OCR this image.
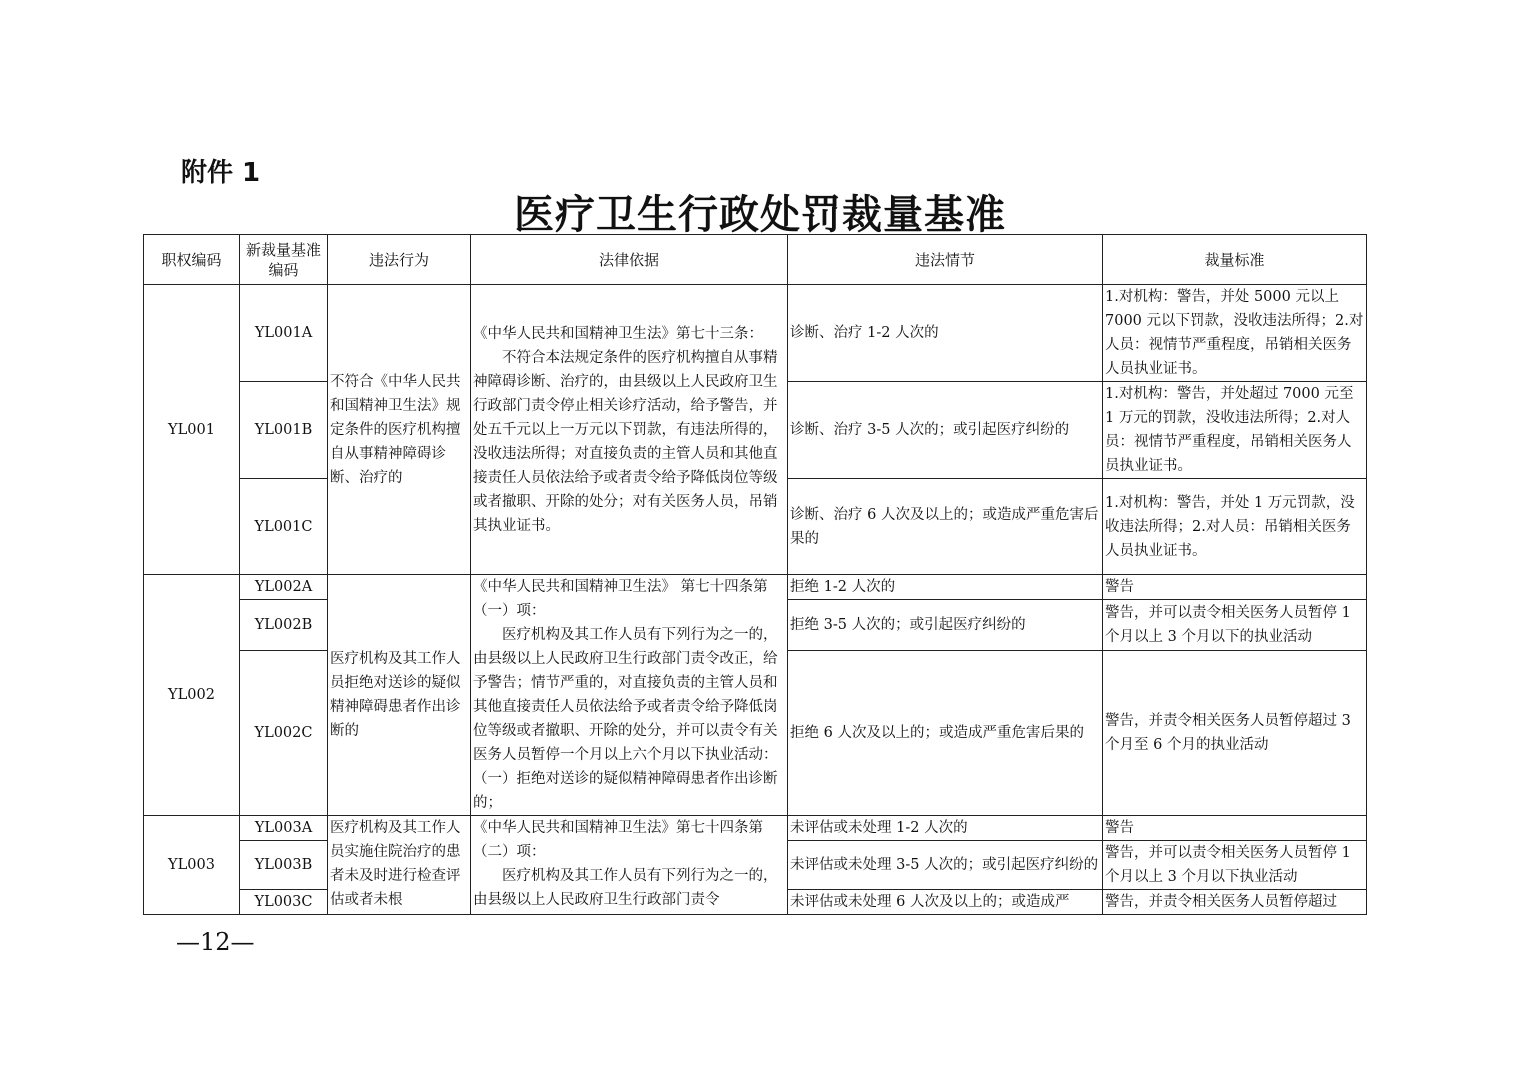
附件 1
医疗卫生行政处罚裁量基准
职权编码	新裁量基准编码	违法行为	法律依据	违法情节	裁量标准
YL001	YL001A	不符合《中华人民共和国精神卫生法》规定条件的医疗机构擅自从事精神障碍诊断、治疗的	《中华人民共和国精神卫生法》第七十三条：
不符合本法规定条件的医疗机构擅自从事精神障碍诊断、治疗的，由县级以上人民政府卫生行政部门责令停止相关诊疗活动，给予警告，并处五千元以上一万元以下罚款，有违法所得的，没收违法所得；对直接负责的主管人员和其他直接责任人员依法给予或者责令给予降低岗位等级或者撤职、开除的处分；对有关医务人员，吊销其执业证书。	诊断、治疗 1-2 人次的	1.对机构：警告，并处 5000 元以上 7000 元以下罚款，没收违法所得；2.对人员：视情节严重程度，吊销相关医务人员执业证书。
	YL001B			诊断、治疗 3-5 人次的；或引起医疗纠纷的	1.对机构：警告，并处超过 7000 元至 1 万元的罚款，没收违法所得；2.对人员：视情节严重程度，吊销相关医务人员执业证书。
	YL001C			诊断、治疗 6 人次及以上的；或造成严重危害后果的	1.对机构：警告，并处 1 万元罚款，没收违法所得；2.对人员：吊销相关医务人员执业证书。
YL002	YL002A	医疗机构及其工作人员拒绝对送诊的疑似精神障碍患者作出诊断的	《中华人民共和国精神卫生法》 第七十四条第（一）项：
医疗机构及其工作人员有下列行为之一的，由县级以上人民政府卫生行政部门责令改正，给予警告；情节严重的，对直接负责的主管人员和其他直接责任人员依法给予或者责令给予降低岗位等级或者撤职、开除的处分，并可以责令有关医务人员暂停一个月以上六个月以下执业活动：（一）拒绝对送诊的疑似精神障碍患者作出诊断的；	拒绝 1-2 人次的	警告
	YL002B			拒绝 3-5 人次的；或引起医疗纠纷的	警告，并可以责令相关医务人员暂停 1 个月以上 3 个月以下的执业活动
	YL002C			拒绝 6 人次及以上的；或造成严重危害后果的	警告，并责令相关医务人员暂停超过 3 个月至 6 个月的执业活动
YL003	YL003A	医疗机构及其工作人员实施住院治疗的患者未及时进行检查评估或者未根	《中华人民共和国精神卫生法》第七十四条第（二）项：
医疗机构及其工作人员有下列行为之一的，由县级以上人民政府卫生行政部门责令	未评估或未处理 1-2 人次的	警告
	YL003B			未评估或未处理 3-5 人次的；或引起医疗纠纷的	警告，并可以责令相关医务人员暂停 1 个月以上 3 个月以下执业活动
	YL003C			未评估或未处理 6 人次及以上的；或造成严	警告，并责令相关医务人员暂停超过
—12—
